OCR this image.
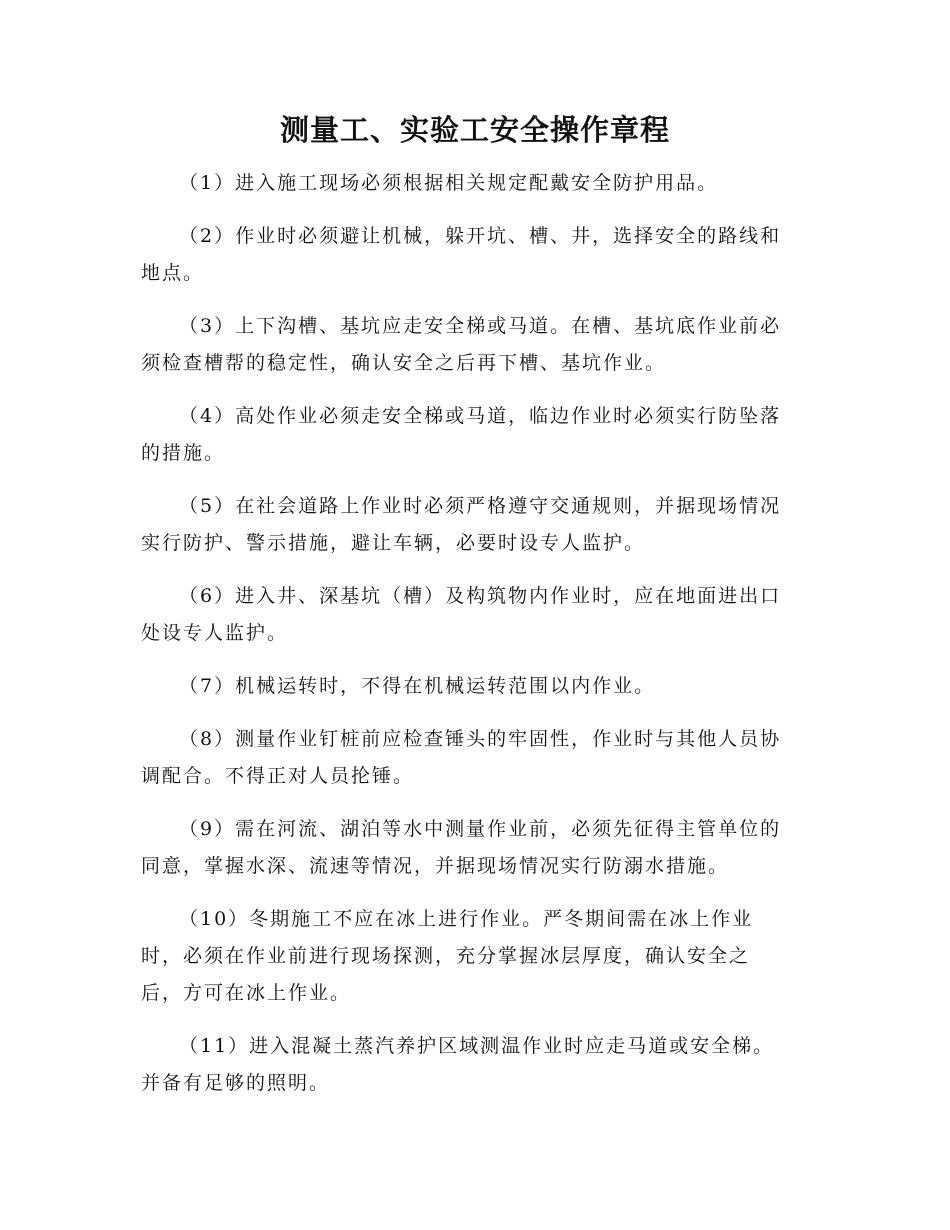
测量工、实验工安全操作章程

（1）进入施工现场必须根据相关规定配戴安全防护用品。

（2）作业时必须避让机械，躲开坑、槽、井，选择安全的路线和
地点。

（3）上下沟槽、基坑应走安全梯或马道。在槽、基坑底作业前必
须检查槽帮的稳定性，确认安全之后再下槽、基坑作业。

（4）高处作业必须走安全梯或马道，临边作业时必须实行防坠落
的措施。

（5）在社会道路上作业时必须严格遵守交通规则，并据现场情况
实行防护、警示措施，避让车辆，必要时设专人监护。

（6）进入井、深基坑（槽）及构筑物内作业时，应在地面进出口
处设专人监护。

（7）机械运转时，不得在机械运转范围以内作业。

（8）测量作业钉桩前应检查锤头的牢固性，作业时与其他人员协
调配合。不得正对人员抡锤。

（9）需在河流、湖泊等水中测量作业前，必须先征得主管单位的
同意，掌握水深、流速等情况，并据现场情况实行防溺水措施。

（10）冬期施工不应在冰上进行作业。严冬期间需在冰上作业
时，必须在作业前进行现场探测，充分掌握冰层厚度，确认安全之
后，方可在冰上作业。

（11）进入混凝土蒸汽养护区域测温作业时应走马道或安全梯。
并备有足够的照明。
